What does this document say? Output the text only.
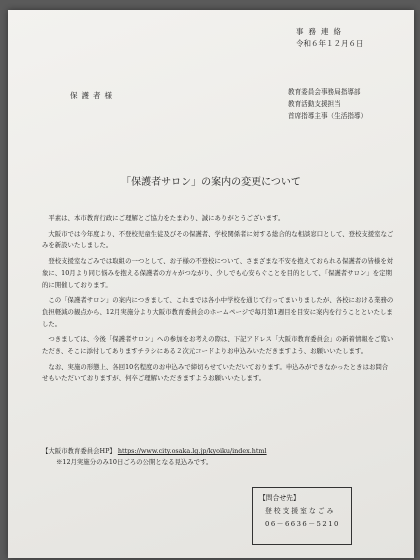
事務連絡
令和６年１２月６日
保護者様	教育委員会事務局指導部
教育活動支援担当
首席指導主事（生活指導）
「保護者サロン」の案内の変更について

平素は、本市教育行政にご理解とご協力をたまわり、誠にありがとうございます。

大阪市では今年度より、不登校児童生徒及びその保護者、学校関係者に対する総合的な相談窓口として、登校支援室なごみを新設いたしました。

登校支援室なごみでは取組の一つとして、お子様の不登校について、さまざまな不安を抱えておられる保護者の皆様を対象に、10月より同じ悩みを抱える保護者の方々がつながり、少しでも心安らぐことを目的として、「保護者サロン」を定期的に開催しております。

この「保護者サロン」の案内につきまして、これまでは各小中学校を通じて行ってまいりましたが、各校における業務の負担軽減の観点から、12月実施分より大阪市教育委員会のホームページで毎月第1週目を目安に案内を行うことといたしました。

つきましては、今後「保護者サロン」への参加をお考えの際は、下記アドレス「大阪市教育委員会」の新着情報をご覧いただき、そこに添付してありますチラシにある２次元コードよりお申込みいただきますよう、お願いいたします。

なお、実施の形態上、各回10名程度のお申込みで締切らせていただいております。申込みができなかったときはお問合せもいただいておりますが、何卒ご理解いただきますようお願いいたします。

【大阪市教育委員会HP】 https://www.city.osaka.lg.jp/kyoiku/index.html
※12月実施分のみ10日ごろの公開となる見込みです。
【問合せ先】
登校支援室なごみ
06－6636－5210
